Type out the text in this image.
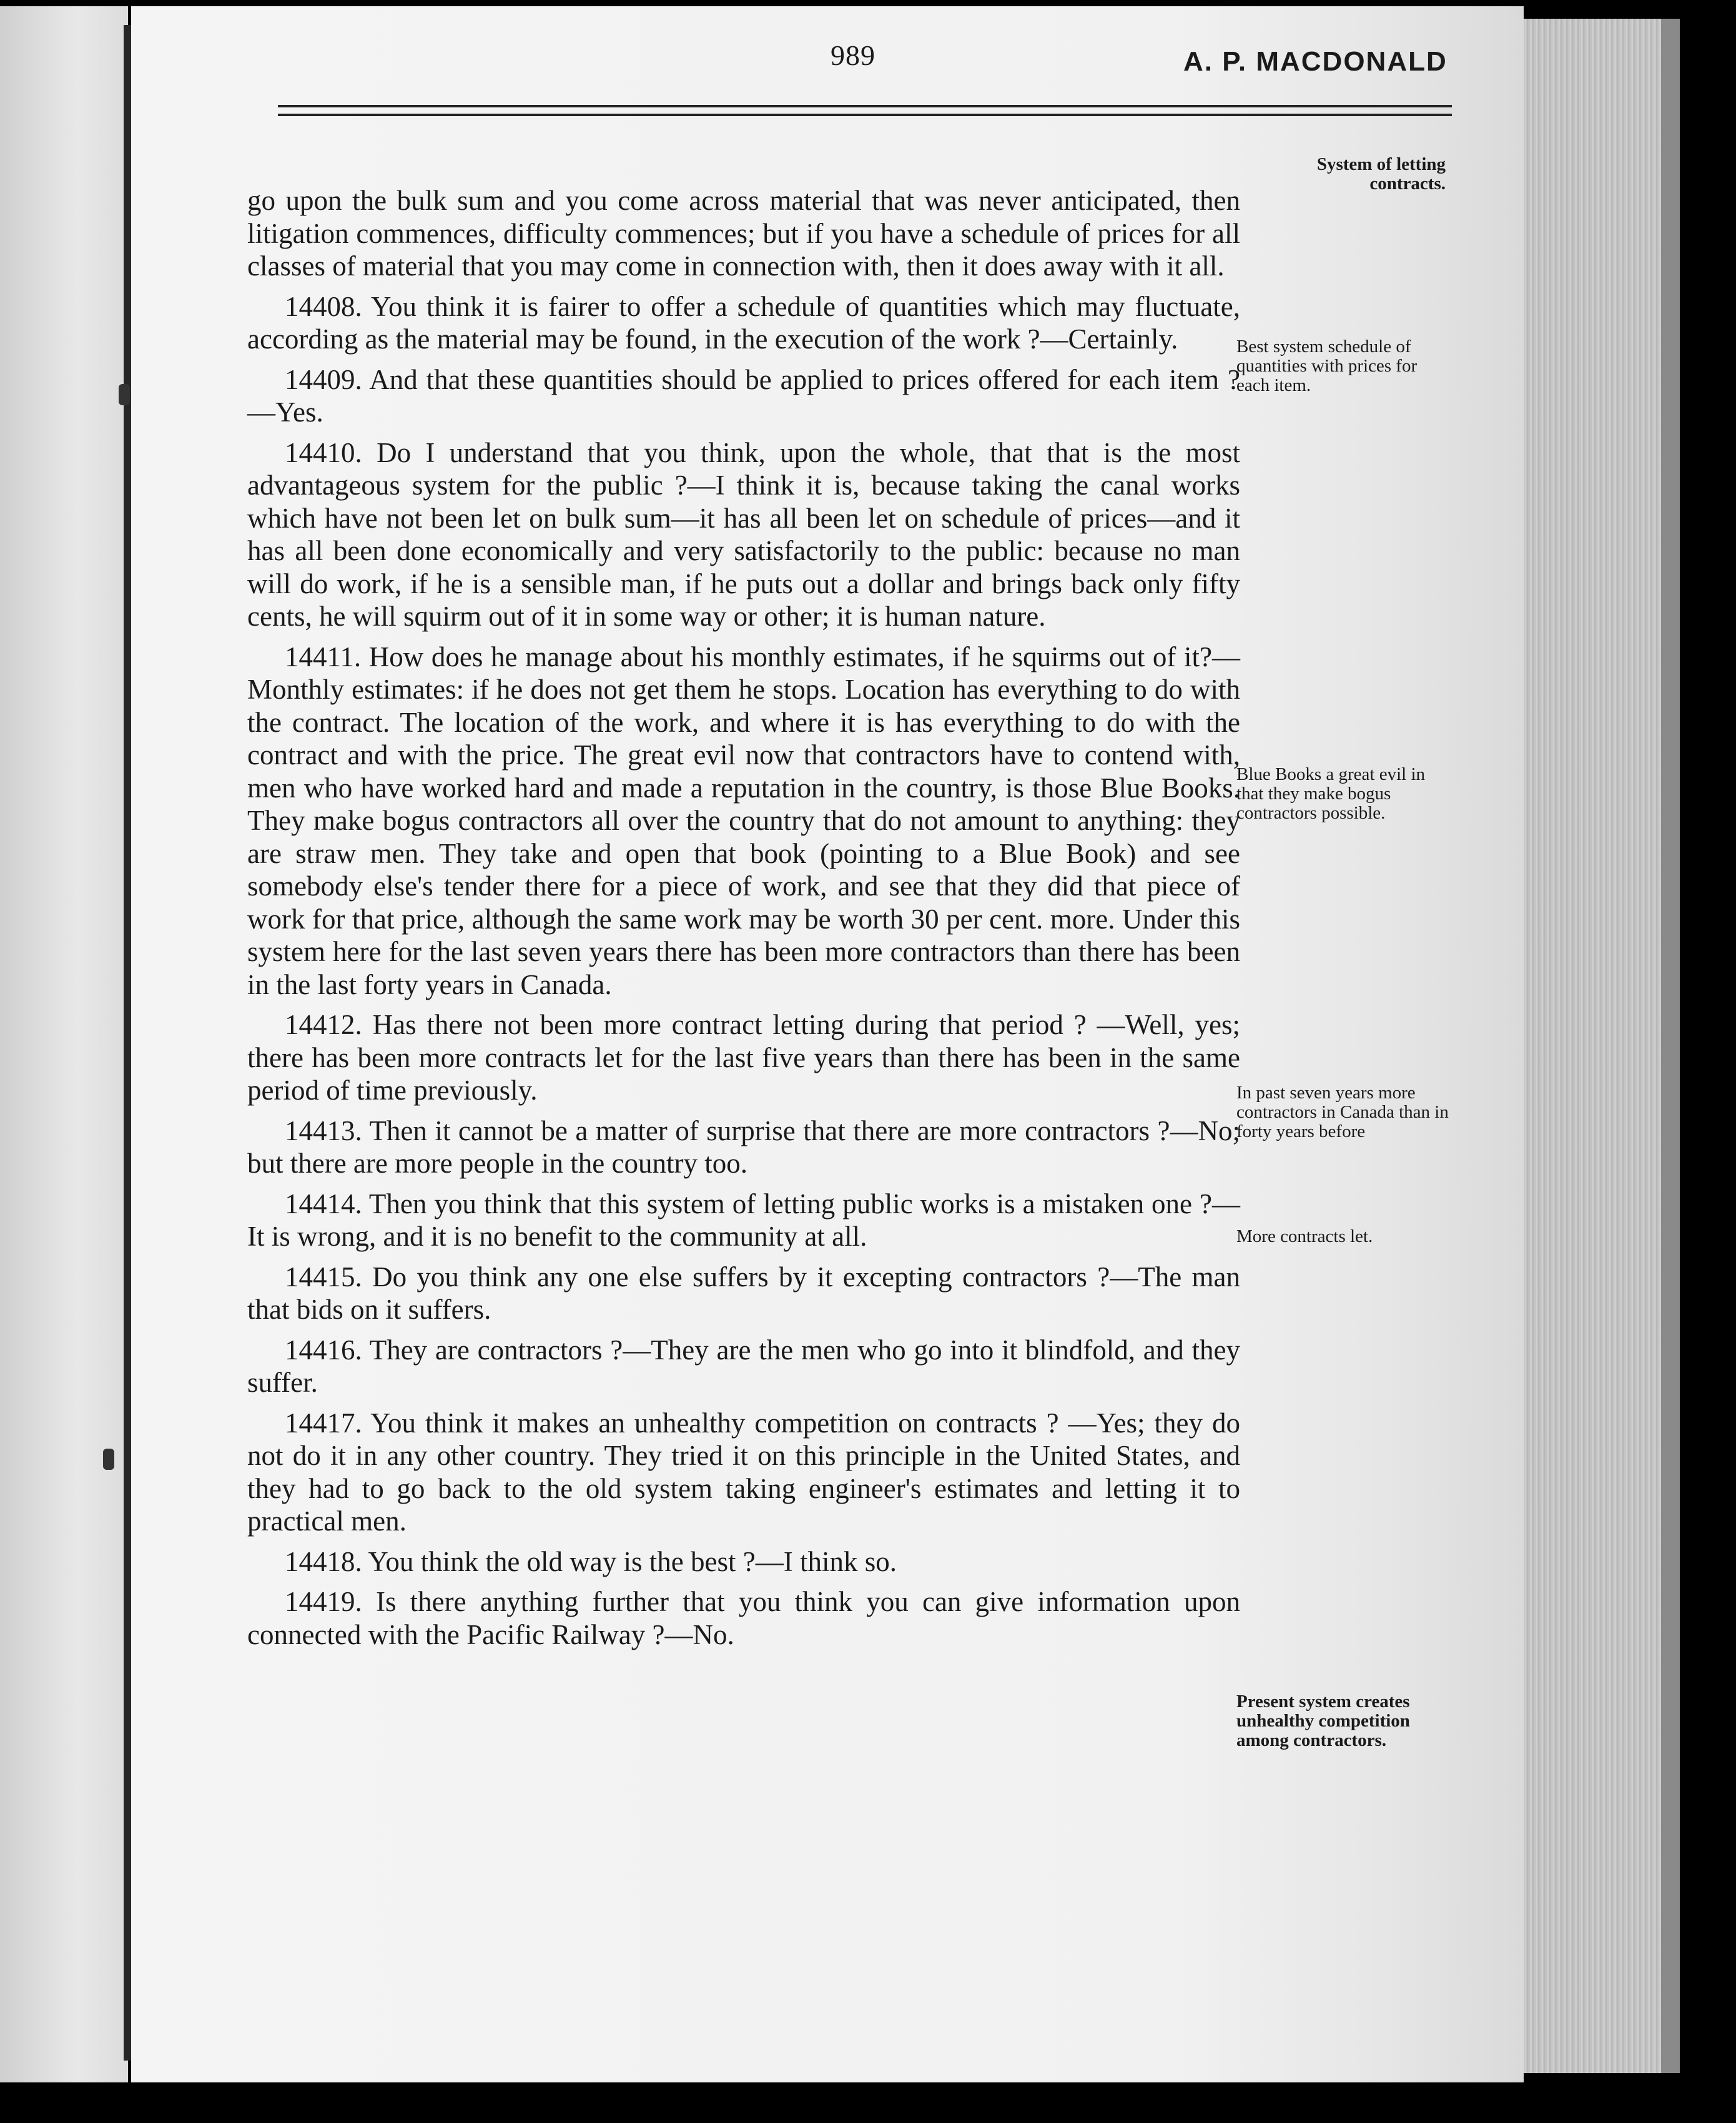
989	A. P. MACDONALD

go upon the bulk sum and you come across material that was never anticipated, then litigation commences, difficulty commences; but if you have a schedule of prices for all classes of material that you may come in connection with, then it does away with it all.

14408. You think it is fairer to offer a schedule of quantities which may fluctuate, according as the material may be found, in the execution of the work ?—Certainly.

14409. And that these quantities should be applied to prices offered for each item ?—Yes.

14410. Do I understand that you think, upon the whole, that that is the most advantageous system for the public ?—I think it is, because taking the canal works which have not been let on bulk sum—it has all been let on schedule of prices—and it has all been done economically and very satisfactorily to the public: because no man will do work, if he is a sensible man, if he puts out a dollar and brings back only fifty cents, he will squirm out of it in some way or other; it is human nature.

14411. How does he manage about his monthly estimates, if he squirms out of it?—Monthly estimates: if he does not get them he stops. Location has everything to do with the contract. The location of the work, and where it is has everything to do with the contract and with the price. The great evil now that contractors have to contend with, men who have worked hard and made a reputation in the country, is those Blue Books. They make bogus contractors all over the country that do not amount to anything: they are straw men. They take and open that book (pointing to a Blue Book) and see somebody else's tender there for a piece of work, and see that they did that piece of work for that price, although the same work may be worth 30 per cent. more. Under this system here for the last seven years there has been more contractors than there has been in the last forty years in Canada.

14412. Has there not been more contract letting during that period ? —Well, yes; there has been more contracts let for the last five years than there has been in the same period of time previously.

14413. Then it cannot be a matter of surprise that there are more contractors ?—No; but there are more people in the country too.

14414. Then you think that this system of letting public works is a mistaken one ?—It is wrong, and it is no benefit to the community at all.

14415. Do you think any one else suffers by it excepting contractors ?—The man that bids on it suffers.

14416. They are contractors ?—They are the men who go into it blindfold, and they suffer.

14417. You think it makes an unhealthy competition on contracts ? —Yes; they do not do it in any other country. They tried it on this principle in the United States, and they had to go back to the old system taking engineer's estimates and letting it to practical men.

14418. You think the old way is the best ?—I think so.

14419. Is there anything further that you think you can give information upon connected with the Pacific Railway ?—No.

System of letting contracts.
Best system schedule of quantities with prices for each item.
Blue Books a great evil in that they make bogus contractors possible.
In past seven years more contractors in Canada than in forty years before
More contracts let.
Present system creates unhealthy competition among contractors.
